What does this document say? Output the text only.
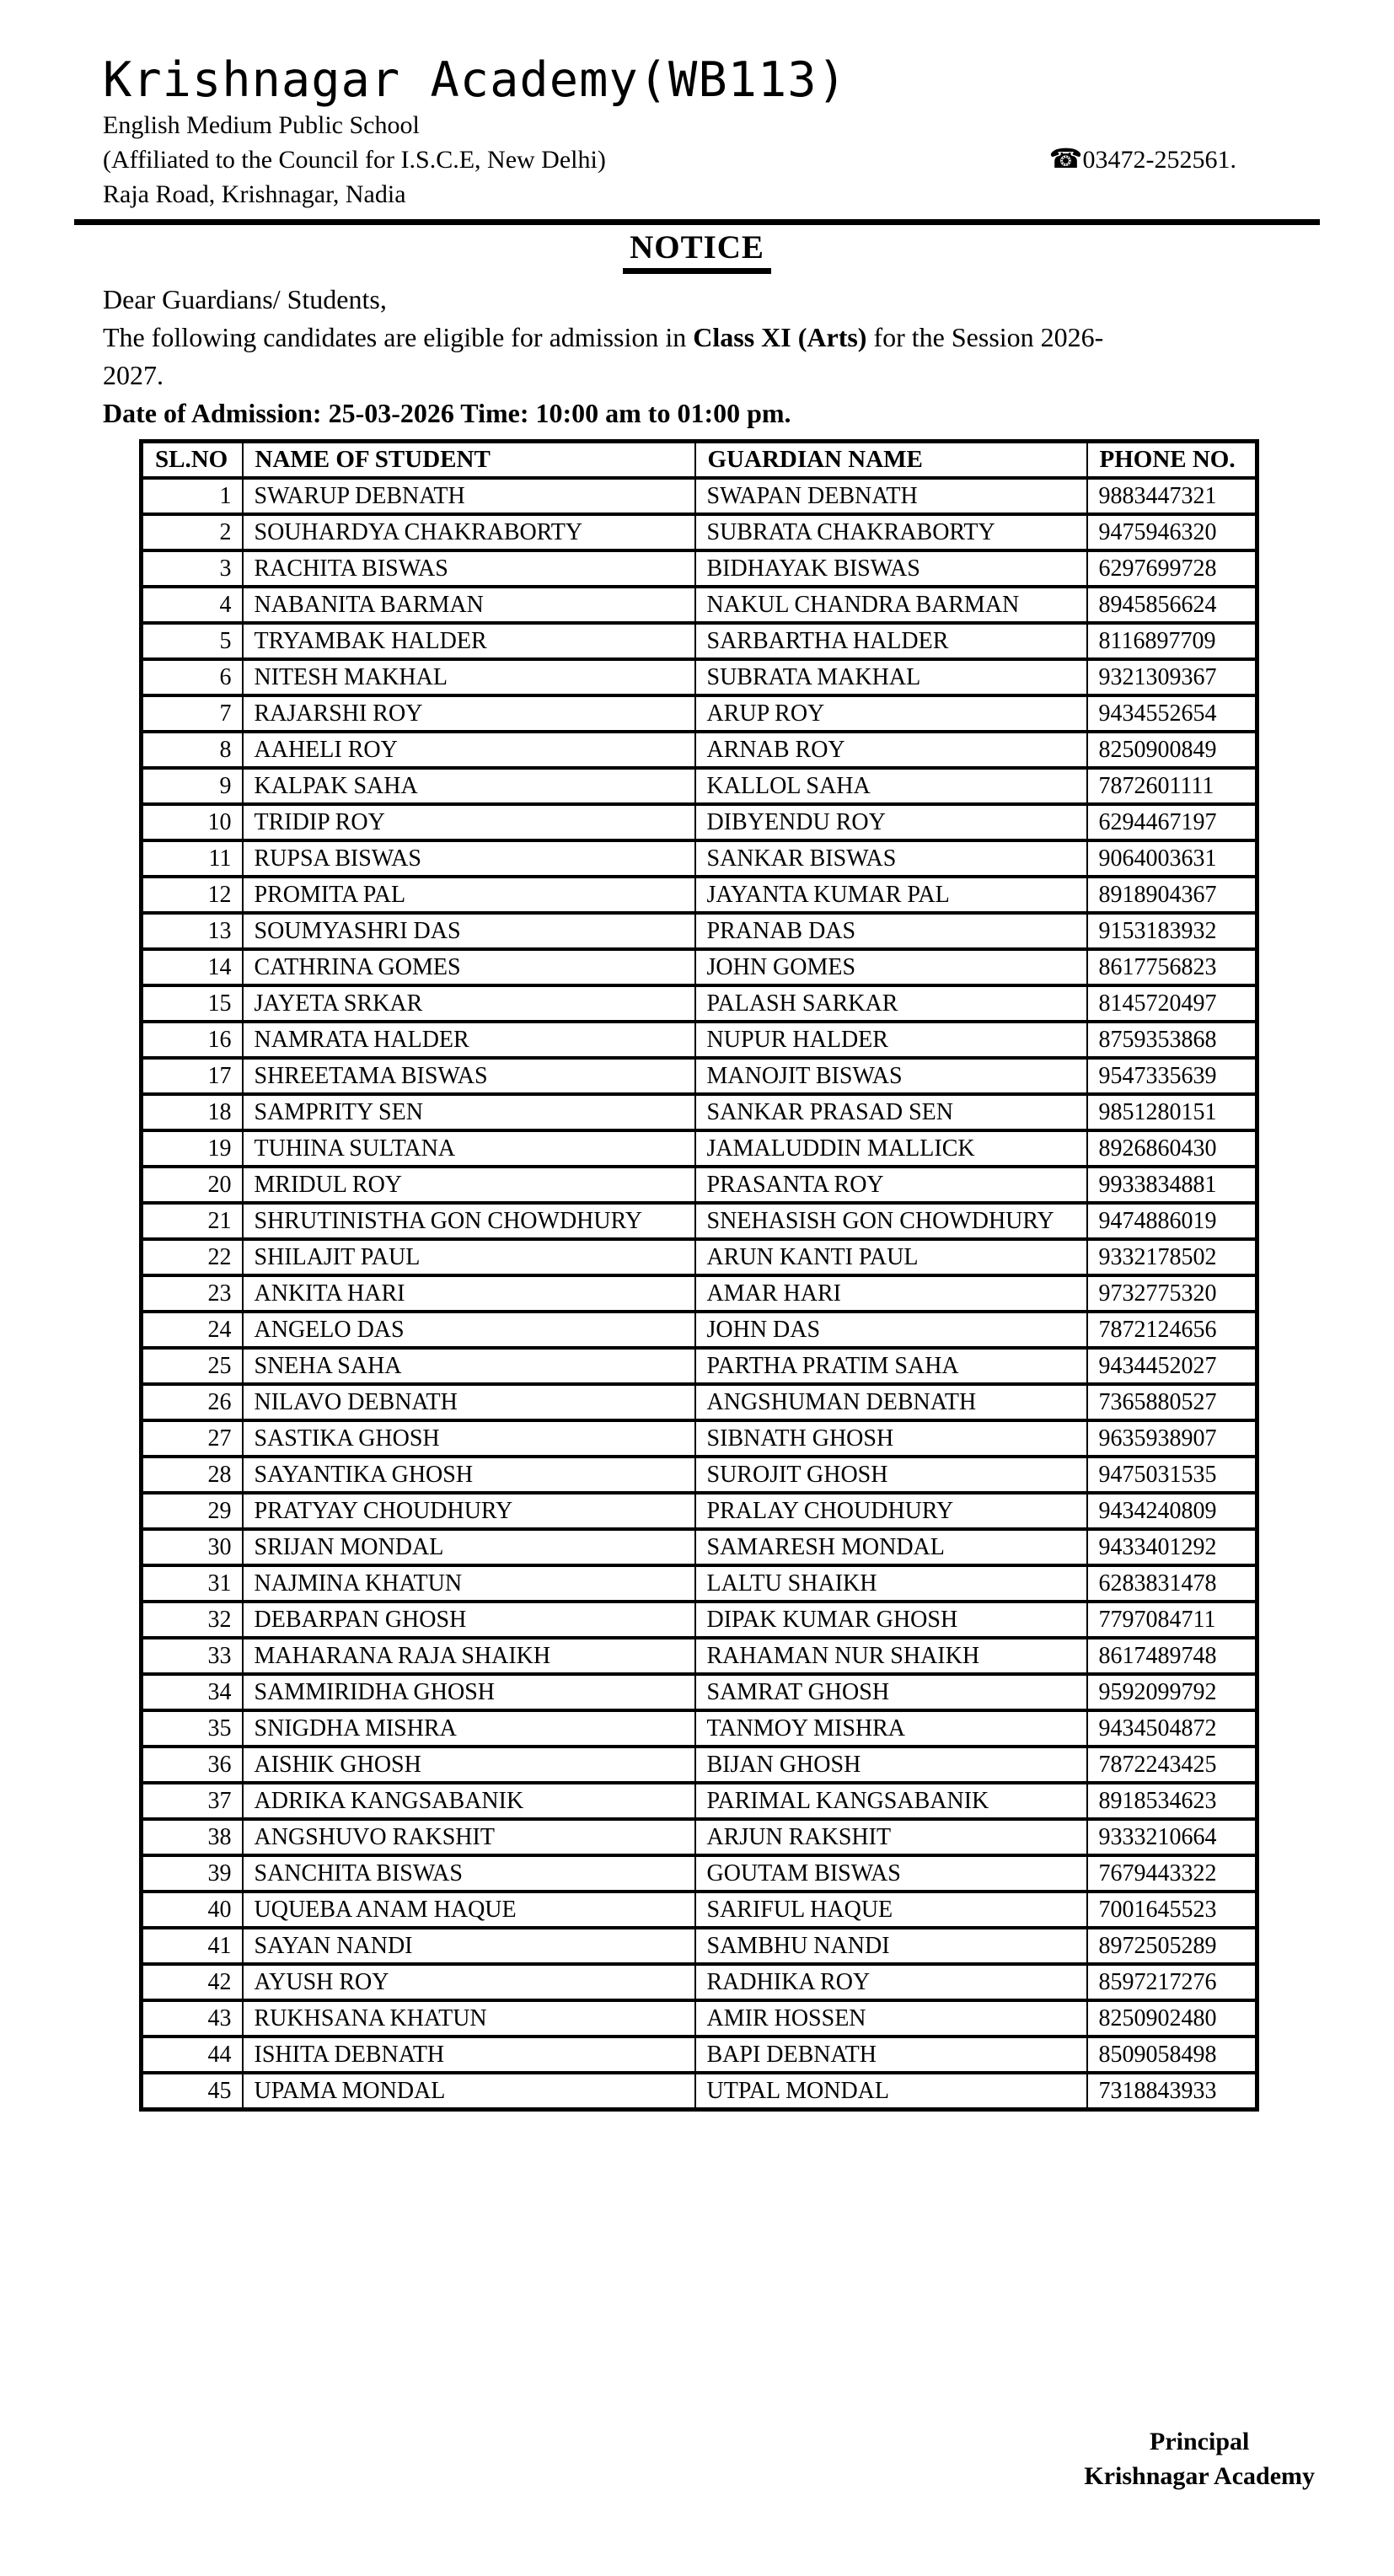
Krishnagar Academy(WB113)
English Medium Public School
(Affiliated to the Council for I.S.C.E, New Delhi)	☎03472-252561.
Raja Road, Krishnagar, Nadia
NOTICE
Dear Guardians/ Students,
The following candidates are eligible for admission in Class XI (Arts) for the Session 2026-
2027.
Date of Admission: 25-03-2026 Time: 10:00 am to 01:00 pm.
SL.NO	NAME OF STUDENT	GUARDIAN NAME	PHONE NO.
1	SWARUP DEBNATH	SWAPAN DEBNATH	9883447321
2	SOUHARDYA CHAKRABORTY	SUBRATA CHAKRABORTY	9475946320
3	RACHITA BISWAS	BIDHAYAK BISWAS	6297699728
4	NABANITA BARMAN	NAKUL CHANDRA BARMAN	8945856624
5	TRYAMBAK HALDER	SARBARTHA HALDER	8116897709
6	NITESH MAKHAL	SUBRATA MAKHAL	9321309367
7	RAJARSHI ROY	ARUP ROY	9434552654
8	AAHELI ROY	ARNAB ROY	8250900849
9	KALPAK SAHA	KALLOL SAHA	7872601111
10	TRIDIP ROY	DIBYENDU ROY	6294467197
11	RUPSA BISWAS	SANKAR BISWAS	9064003631
12	PROMITA PAL	JAYANTA KUMAR PAL	8918904367
13	SOUMYASHRI DAS	PRANAB DAS	9153183932
14	CATHRINA GOMES	JOHN GOMES	8617756823
15	JAYETA SRKAR	PALASH SARKAR	8145720497
16	NAMRATA HALDER	NUPUR HALDER	8759353868
17	SHREETAMA BISWAS	MANOJIT BISWAS	9547335639
18	SAMPRITY SEN	SANKAR PRASAD SEN	9851280151
19	TUHINA SULTANA	JAMALUDDIN MALLICK	8926860430
20	MRIDUL ROY	PRASANTA ROY	9933834881
21	SHRUTINISTHA GON CHOWDHURY	SNEHASISH GON CHOWDHURY	9474886019
22	SHILAJIT PAUL	ARUN KANTI PAUL	9332178502
23	ANKITA HARI	AMAR HARI	9732775320
24	ANGELO DAS	JOHN DAS	7872124656
25	SNEHA SAHA	PARTHA PRATIM SAHA	9434452027
26	NILAVO DEBNATH	ANGSHUMAN DEBNATH	7365880527
27	SASTIKA GHOSH	SIBNATH GHOSH	9635938907
28	SAYANTIKA GHOSH	SUROJIT GHOSH	9475031535
29	PRATYAY CHOUDHURY	PRALAY CHOUDHURY	9434240809
30	SRIJAN MONDAL	SAMARESH MONDAL	9433401292
31	NAJMINA KHATUN	LALTU SHAIKH	6283831478
32	DEBARPAN GHOSH	DIPAK KUMAR GHOSH	7797084711
33	MAHARANA RAJA SHAIKH	RAHAMAN NUR SHAIKH	8617489748
34	SAMMIRIDHA GHOSH	SAMRAT GHOSH	9592099792
35	SNIGDHA MISHRA	TANMOY MISHRA	9434504872
36	AISHIK GHOSH	BIJAN GHOSH	7872243425
37	ADRIKA KANGSABANIK	PARIMAL KANGSABANIK	8918534623
38	ANGSHUVO RAKSHIT	ARJUN RAKSHIT	9333210664
39	SANCHITA BISWAS	GOUTAM BISWAS	7679443322
40	UQUEBA ANAM HAQUE	SARIFUL HAQUE	7001645523
41	SAYAN NANDI	SAMBHU NANDI	8972505289
42	AYUSH ROY	RADHIKA ROY	8597217276
43	RUKHSANA KHATUN	AMIR HOSSEN	8250902480
44	ISHITA DEBNATH	BAPI DEBNATH	8509058498
45	UPAMA MONDAL	UTPAL MONDAL	7318843933
Principal
Krishnagar Academy
